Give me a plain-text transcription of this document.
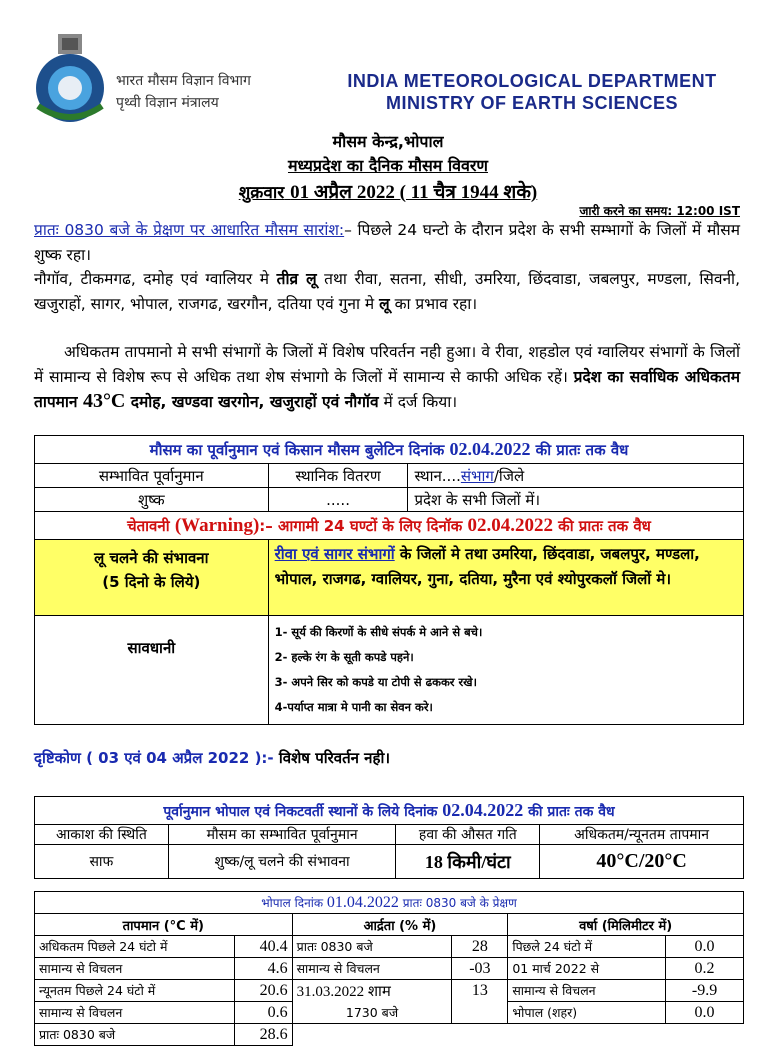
भारत मौसम विज्ञान विभाग
पृथ्वी विज्ञान मंत्रालय
INDIA METEOROLOGICAL DEPARTMENT
MINISTRY OF EARTH SCIENCES
मौसम केन्द्र,भोपाल
मध्यप्रदेश का दैनिक मौसम विवरण
शुक्रवार 01 अप्रैल 2022 ( 11 चैत्र 1944 शके)
जारी करने का समय: 12:00 IST
प्रातः 0830 बजे के प्रेक्षण पर आधारित मौसम सारांश:– पिछले 24 घन्टो के दौरान प्रदेश के सभी सम्भागों के जिलों में मौसम शुष्क रहा।
नौगॉव, टीकमगढ, दमोह एवं ग्वालियर मे तीव्र लू तथा रीवा, सतना, सीधी, उमरिया, छिंदवाडा, जबलपुर, मण्डला, सिवनी, खजुराहों, सागर, भोपाल, राजगढ, खरगौन, दतिया एवं गुना मे लू का प्रभाव रहा।
अधिकतम तापमानो मे सभी संभागों के जिलों में विशेष परिवर्तन नही हुआ। वे रीवा, शहडोल एवं ग्वालियर संभागों के जिलों में सामान्य से विशेष रूप से अधिक तथा शेष संभागो के जिलों में सामान्य से काफी अधिक रहें। प्रदेश का सर्वाधिक अधिकतम तापमान 43°C दमोह, खण्डवा खरगोन, खजुराहों एवं नौगॉव में दर्ज किया।
मौसम का पूर्वानुमान एवं किसान मौसम बुलेटिन दिनांक 02.04.2022 की प्रातः तक वैध		
सम्भावित पूर्वानुमान	स्थानिक वितरण	स्थान....संभाग/जिले
शुष्क	.....	प्रदेश के सभी जिलों में।
चेतावनी (Warning):– आगामी 24 घण्टों के लिए दिनॉक 02.04.2022 की प्रातः तक वैध		

लू चलने की संभावना
(5 दिनो के लिये)	रीवा एवं सागर संभागों के जिलों मे तथा उमरिया, छिंदवाडा, जबलपुर, मण्डला, भोपाल, राजगढ, ग्वालियर, गुना, दतिया, मुरैना एवं श्योपुरकलॉ जिलों मे।	
सावधानी	1- सूर्य की किरणों के सीधे संपर्क मे आने से बचे।
2- हल्के रंग के सूती कपडे पहने।
3- अपने सिर को कपडे या टोपी से ढककर रखे।
4-पर्याप्त मात्रा मे पानी का सेवन करे।	
दृष्टिकोण ( 03 एवं 04 अप्रैल 2022 ):- विशेष परिवर्तन नही।
पूर्वानुमान भोपाल एवं निकटवर्ती स्थानों के लिये दिनांक 02.04.2022 की प्रातः तक वैध			
आकाश की स्थिति	मौसम का सम्भावित पूर्वानुमान	हवा की औसत गति	अधिकतम/न्यूनतम तापमान
साफ	शुष्क/लू चलने की संभावना	18 किमी/घंटा	40°C/20°C
भोपाल दिनांक 01.04.2022 प्रातः 0830 बजे के प्रेक्षण					
तापमान (°C में)		आर्द्रता (% में)		वर्षा (मिलिमीटर में)	
अधिकतम पिछले 24 घंटो में	40.4	प्रातः 0830 बजे	28	पिछले 24 घंटो में	0.0
सामान्य से विचलन	4.6	सामान्य से विचलन	-03	01 मार्च 2022 से	0.2
न्यूनतम पिछले 24 घंटो में	20.6	31.03.2022 शाम	13	सामान्य से विचलन	-9.9
सामान्य से विचलन	0.6	1730 बजे		भोपाल (शहर)	0.0
प्रातः 0830 बजे	28.6				
